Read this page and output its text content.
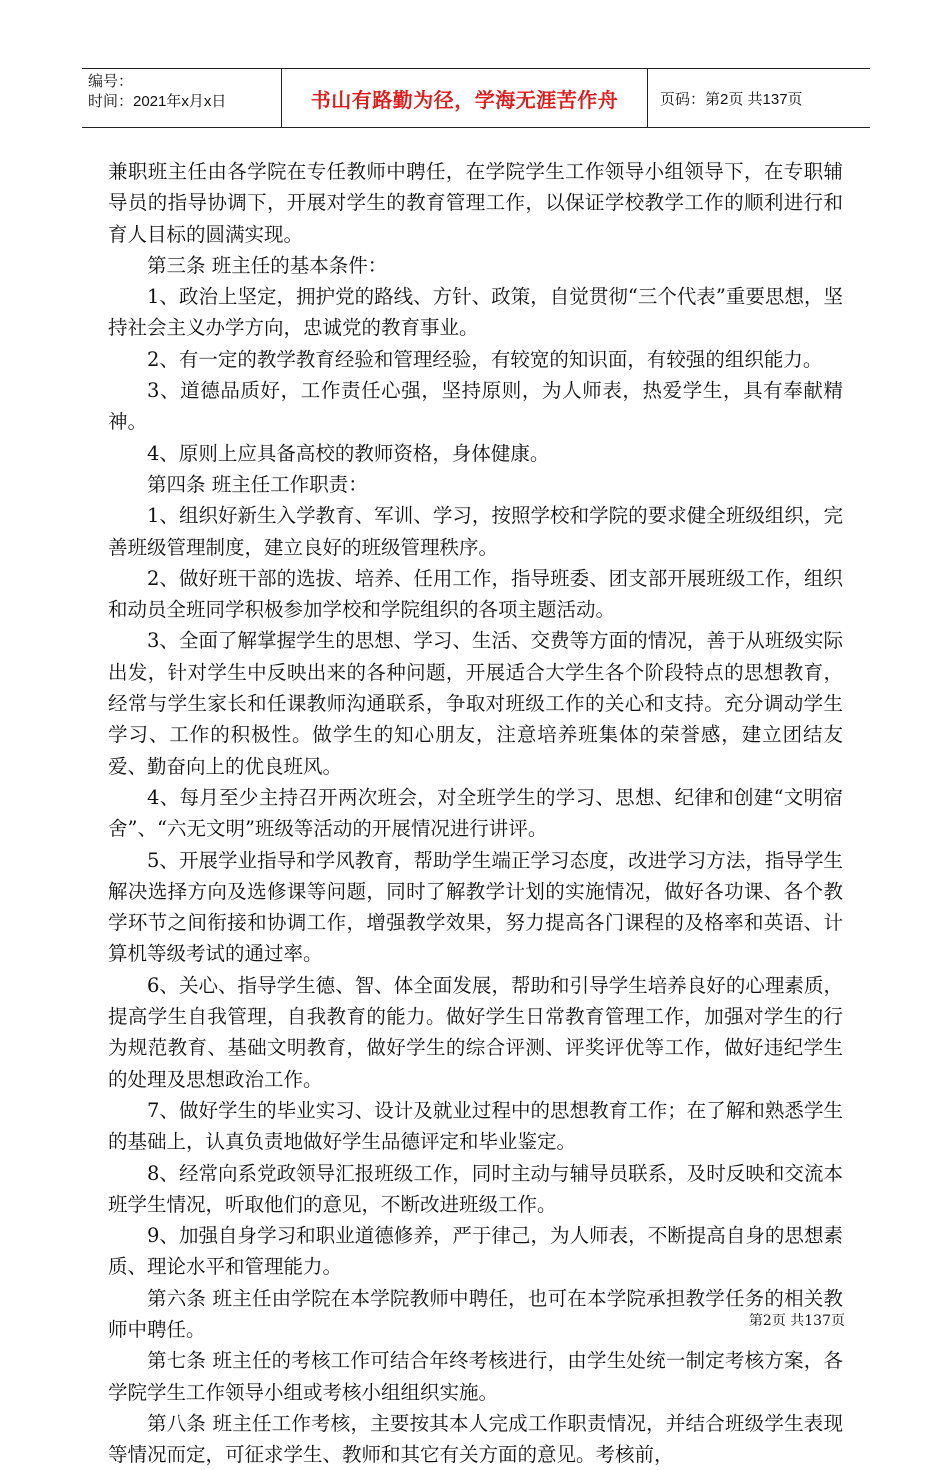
编号：
时间：2021年x月x日	书山有路勤为径，学海无涯苦作舟	页码：第2页 共137页

兼职班主任由各学院在专任教师中聘任，在学院学生工作领导小组领导下，在专职辅导员的指导协调下，开展对学生的教育管理工作，以保证学校教学工作的顺利进行和育人目标的圆满实现。

第三条 班主任的基本条件：

1、政治上坚定，拥护党的路线、方针、政策，自觉贯彻“三个代表”重要思想，坚持社会主义办学方向，忠诚党的教育事业。

2、有一定的教学教育经验和管理经验，有较宽的知识面，有较强的组织能力。

3、道德品质好，工作责任心强，坚持原则，为人师表，热爱学生，具有奉献精神。

4、原则上应具备高校的教师资格，身体健康。

第四条 班主任工作职责：

1、组织好新生入学教育、军训、学习，按照学校和学院的要求健全班级组织，完善班级管理制度，建立良好的班级管理秩序。

2、做好班干部的选拔、培养、任用工作，指导班委、团支部开展班级工作，组织和动员全班同学积极参加学校和学院组织的各项主题活动。

3、全面了解掌握学生的思想、学习、生活、交费等方面的情况，善于从班级实际出发，针对学生中反映出来的各种问题，开展适合大学生各个阶段特点的思想教育，经常与学生家长和任课教师沟通联系，争取对班级工作的关心和支持。充分调动学生学习、工作的积极性。做学生的知心朋友，注意培养班集体的荣誉感，建立团结友爱、勤奋向上的优良班风。

4、每月至少主持召开两次班会，对全班学生的学习、思想、纪律和创建“文明宿舍”、“六无文明”班级等活动的开展情况进行讲评。

5、开展学业指导和学风教育，帮助学生端正学习态度，改进学习方法，指导学生解决选择方向及选修课等问题，同时了解教学计划的实施情况，做好各功课、各个教学环节之间衔接和协调工作，增强教学效果，努力提高各门课程的及格率和英语、计算机等级考试的通过率。

6、关心、指导学生德、智、体全面发展，帮助和引导学生培养良好的心理素质，提高学生自我管理，自我教育的能力。做好学生日常教育管理工作，加强对学生的行为规范教育、基础文明教育，做好学生的综合评测、评奖评优等工作，做好违纪学生的处理及思想政治工作。

7、做好学生的毕业实习、设计及就业过程中的思想教育工作；在了解和熟悉学生的基础上，认真负责地做好学生品德评定和毕业鉴定。

8、经常向系党政领导汇报班级工作，同时主动与辅导员联系，及时反映和交流本班学生情况，听取他们的意见，不断改进班级工作。

9、加强自身学习和职业道德修养，严于律己，为人师表，不断提高自身的思想素质、理论水平和管理能力。

第六条 班主任由学院在本学院教师中聘任，也可在本学院承担教学任务的相关教师中聘任。

第七条 班主任的考核工作可结合年终考核进行，由学生处统一制定考核方案，各学院学生工作领导小组或考核小组组织实施。

第八条 班主任工作考核，主要按其本人完成工作职责情况，并结合班级学生表现等情况而定，可征求学生、教师和其它有关方面的意见。考核前，

第2页 共137页
